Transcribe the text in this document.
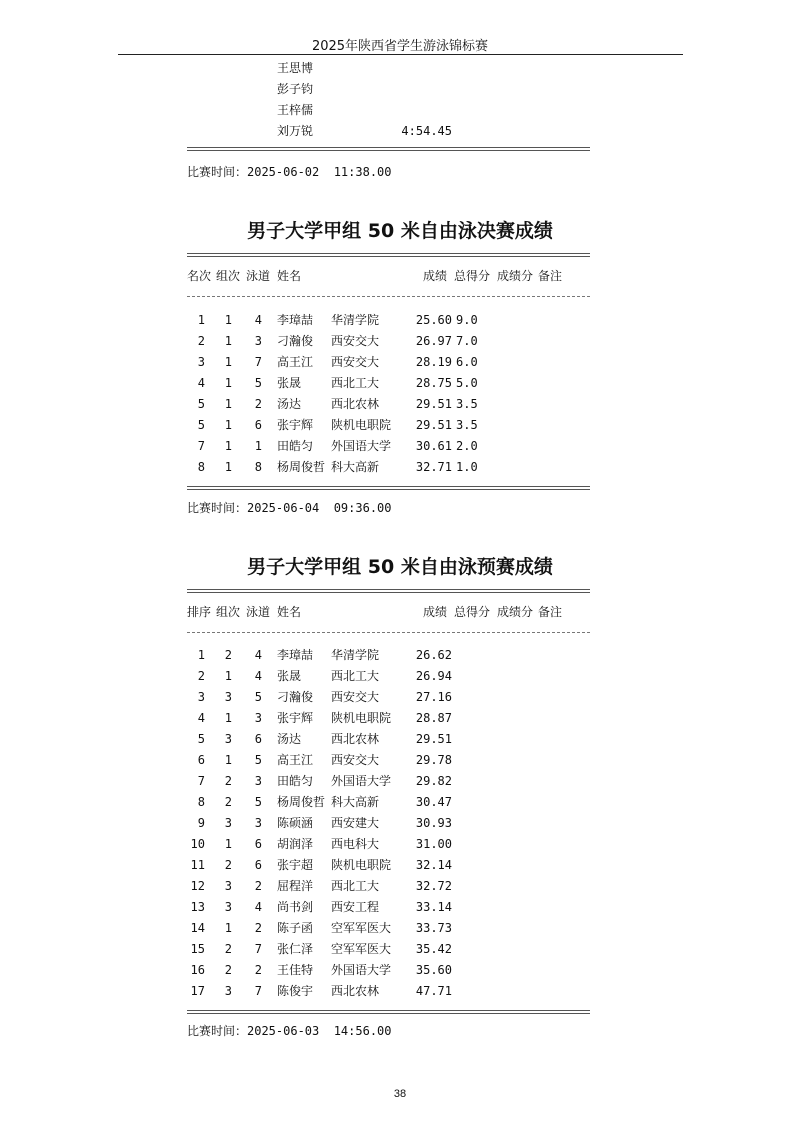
2025年陕西省学生游泳锦标赛
王思博
彭子钧
王梓儒
刘万锐	4:54.45
比赛时间：2025-06-02  11:38.00
男子大学甲组 50 米自由泳决赛成绩
名次 组次 泳道 姓名	成绩 总得分 成绩分 备注
1 1 4 李璋喆 华清学院	25.60 9.0
2 1 3 刁瀚俊 西安交大	26.97 7.0
3 1 7 高王江 西安交大	28.19 6.0
4 1 5 张晟 西北工大	28.75 5.0
5 1 2 汤达 西北农林	29.51 3.5
5 1 6 张宇辉 陕机电职院 29.51 3.5
7 1 1 田皓匀 外国语大学 30.61 2.0
8 1 8 杨周俊哲 科大高新	32.71 1.0
比赛时间：2025-06-04  09:36.00
男子大学甲组 50 米自由泳预赛成绩
排序 组次 泳道 姓名	成绩 总得分 成绩分 备注
1 2 4 李璋喆 华清学院	26.62
2 1 4 张晟 西北工大	26.94
3 3 5 刁瀚俊 西安交大	27.16
4 1 3 张宇辉 陕机电职院 28.87
5 3 6 汤达 西北农林	29.51
6 1 5 高王江 西安交大	29.78
7 2 3 田皓匀 外国语大学 29.82
8 2 5 杨周俊哲 科大高新	30.47
9 3 3 陈硕涵 西安建大	30.93
10 1 6 胡润泽 西电科大	31.00
11 2 6 张宇超 陕机电职院 32.14
12 3 2 屈程洋 西北工大	32.72
13 3 4 尚书剑 西安工程	33.14
14 1 2 陈子函 空军军医大 33.73
15 2 7 张仁泽 空军军医大 35.42
16 2 2 王佳特 外国语大学 35.60
17 3 7 陈俊宇 西北农林	47.71
比赛时间：2025-06-03  14:56.00
38
